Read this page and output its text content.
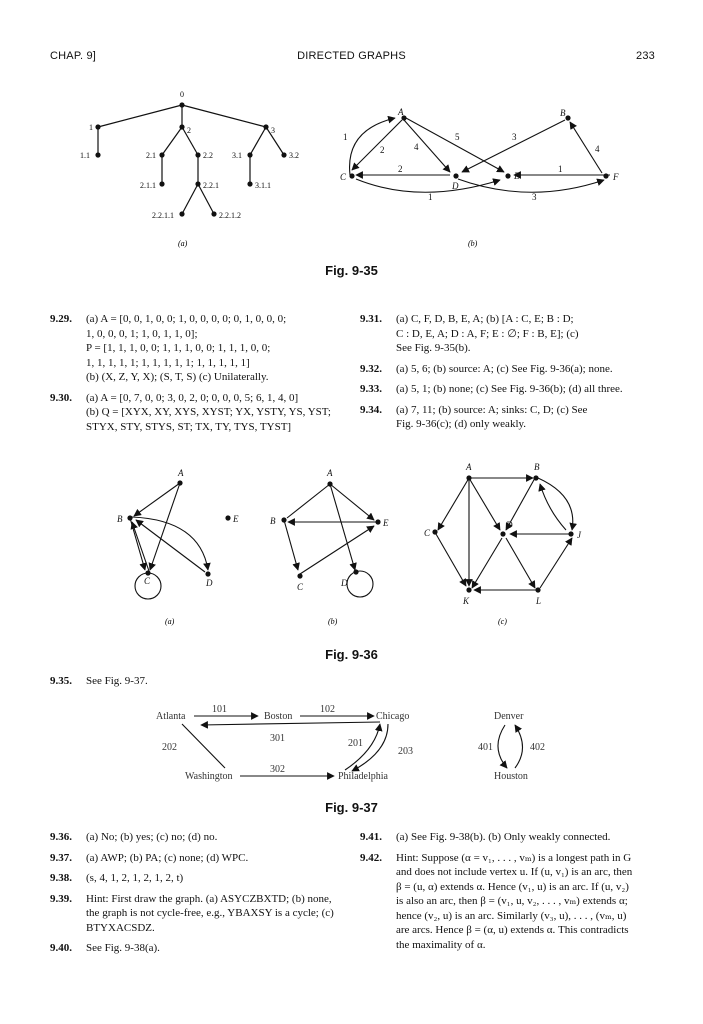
CHAP. 9]	DIRECTED GRAPHS	233
0
1
1.1
2
2.1
2.1.1
2.2
2.2.1
2.2.1.1	2.2.1.2
3
3.1
3.1.1
3.2
(a)
A	B
C
D
E	F
1
2	4
5	3
4
2
1
1
3
(b)
Fig. 9-35
9.29. (a) A = [0, 0, 1, 0, 0; 1, 0, 0, 0, 0; 0, 1, 0, 0, 0;
1, 0, 0, 0, 1; 1, 0, 1, 1, 0];
P = [1, 1, 1, 0, 0; 1, 1, 1, 0, 0; 1, 1, 1, 0, 0;
1, 1, 1, 1, 1; 1, 1, 1, 1, 1; 1, 1, 1, 1, 1]
(b) (X, Z, Y, X); (S, T, S) (c) Unilaterally.
9.30. (a) A = [0, 7, 0, 0; 3, 0, 2, 0; 0, 0, 0, 5; 6, 1, 4, 0]
(b) Q = [XYX, XY, XYS, XYST; YX, YSTY, YS, YST;
STYX, STY, STYS, ST; TX, TY, TYS, TYST]
9.31. (a) C, F, D, B, E, A; (b) [A : C, E; B : D;
C : D, E, A; D : A, F; E : ∅; F : B, E]; (c)
See Fig. 9-35(b).
9.32. (a) 5, 6; (b) source: A; (c) See Fig. 9-36(a); none.
9.33. (a) 5, 1; (b) none; (c) See Fig. 9-36(b); (d) all three.
9.34. (a) 7, 11; (b) source: A; sinks: C, D; (c) See
Fig. 9-36(c); (d) only weakly.
A
B	E
C	D
A
B	E
C	D
A	B
C
D
J
K	L
(a)	(b)	(c)
Fig. 9-36
9.35. See Fig. 9-37.
Atlanta	Boston	Chicago
Washington	Philadelphia
Denver
Houston
101	102
202
301	201
203
302
401	402
Fig. 9-37
9.36. (a) No; (b) yes; (c) no; (d) no.
9.37. (a) AWP; (b) PA; (c) none; (d) WPC.
9.38. (s, 4, 1, 2, 1, 2, 1, 2, t)
9.39. Hint: First draw the graph. (a) ASYCZBXTD; (b) none,
the graph is not cycle-free, e.g., YBAXSY is a cycle; (c)
BTYXACSDZ.
9.40. See Fig. 9-38(a).
9.41. (a) See Fig. 9-38(b). (b) Only weakly connected.
9.42. Hint: Suppose (α = v₁, . . . , vₘ) is a longest path in G
and does not include vertex u. If (u, v₁) is an arc, then
β = (u, α) extends α. Hence (v₁, u) is an arc. If (u, v₂)
is also an arc, then β = (v₁, u, v₂, . . . , vₘ) extends α;
hence (v₂, u) is an arc. Similarly (v₃, u), . . . , (vₘ, u)
are arcs. Hence β = (α, u) extends α. This contradicts
the maximality of α.
